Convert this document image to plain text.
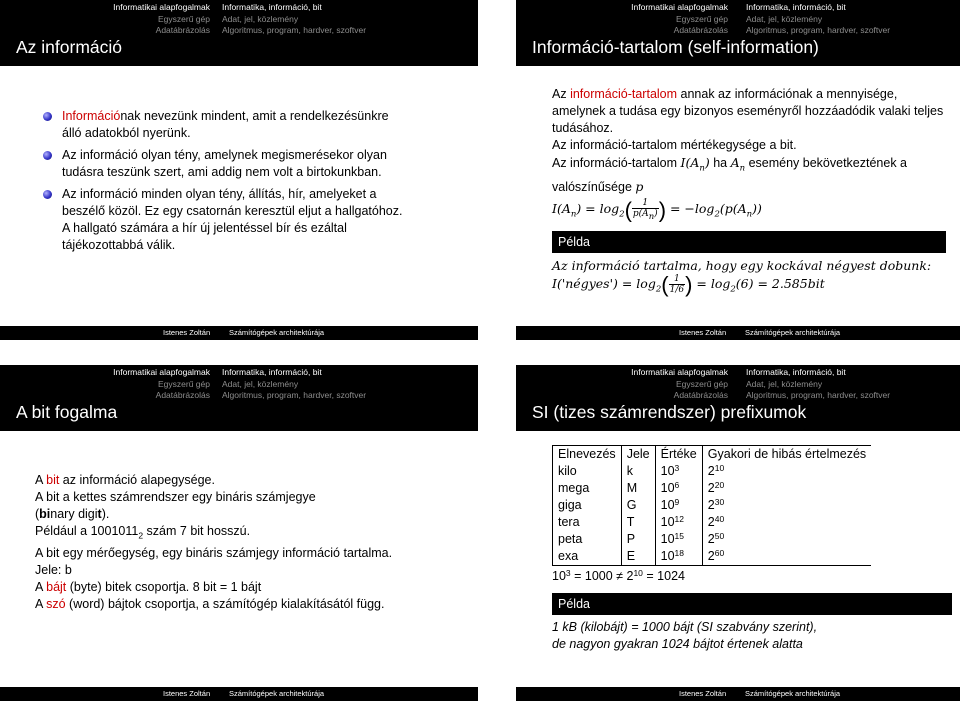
Informatikai alapfogalmak
Egyszerű gép
Adatábrázolás
Informatika, információ, bit
Adat, jel, közlemény
Algoritmus, program, hardver, szoftver
Az információ
Információnak nevezünk mindent, amit a rendelkezésünkre álló adatokból nyerünk.
Az információ olyan tény, amelynek megismerésekor olyan tudásra teszünk szert, ami addig nem volt a birtokunkban.
Az információ minden olyan tény, állítás, hír, amelyeket a beszélő közöl. Ez egy csatornán keresztül eljut a hallgatóhoz. A hallgató számára a hír új jelentéssel bír és ezáltal tájékozottabbá válik.
Istenes Zoltán	Számítógépek architektúrája
Informatikai alapfogalmak
Egyszerű gép
Adatábrázolás
Informatika, információ, bit
Adat, jel, közlemény
Algoritmus, program, hardver, szoftver
Információ-tartalom (self-information)

Az információ-tartalom annak az információnak a mennyisége, amelynek a tudása egy bizonyos eseményről hozzáadódik valaki teljes tudásához.

Az információ-tartalom mértékegysége a bit.

Az információ-tartalom $I(A_n)$ ha $A_n$ esemény bekövetkeztének a valószínűsége p

$I(A_n) = \log_2( \frac{1}{p(A_n)}$ ) = $-\log_2(p(A_n))$

Példa

Az információ tartalma, hogy egy kockával négyest dobunk:

I('négyes') = $\log_2( \frac{1}{1/6}$ ) = $\log_2(6) = 2.585bit$

Istenes Zoltán	Számítógépek architektúrája
Informatikai alapfogalmak
Egyszerű gép
Adatábrázolás
Informatika, információ, bit
Adat, jel, közlemény
Algoritmus, program, hardver, szoftver
A bit fogalma

A bit az információ alapegysége.

A bit a kettes számrendszer egy bináris számjegye

(binary digit).

Például a $1001011_2$ szám 7 bit hosszú.

A bit egy mérőegység, egy bináris számjegy információ tartalma.

Jele: b

A bájt (byte) bitek csoportja. 8 bit = 1 bájt

A szó (word) bájtok csoportja, a számítógép kialakításától függ.

Istenes Zoltán	Számítógépek architektúrája
Informatikai alapfogalmak
Egyszerű gép
Adatábrázolás
Informatika, információ, bit
Adat, jel, közlemény
Algoritmus, program, hardver, szoftver
SI (tizes számrendszer) prefixumok
Elnevezés	Jele	Értéke	Gyakori de hibás értelmezés
kilo	k	$10^3$	$2^{10}$
mega	M	$10^6$	$2^{20}$
giga	G	$10^9$	$2^{30}$
tera	T	$10^{12}$	$2^{40}$
peta	P	$10^{15}$	$2^{50}$
exa	E	$10^{18}$	$2^{60}$

$10^3 = 1000 \ne 2^{10} = 1024$

Példa

1 kB (kilobájt) = 1000 bájt (SI szabvány szerint),

de nagyon gyakran 1024 bájtot értenek alatta

Istenes Zoltán	Számítógépek architektúrája
